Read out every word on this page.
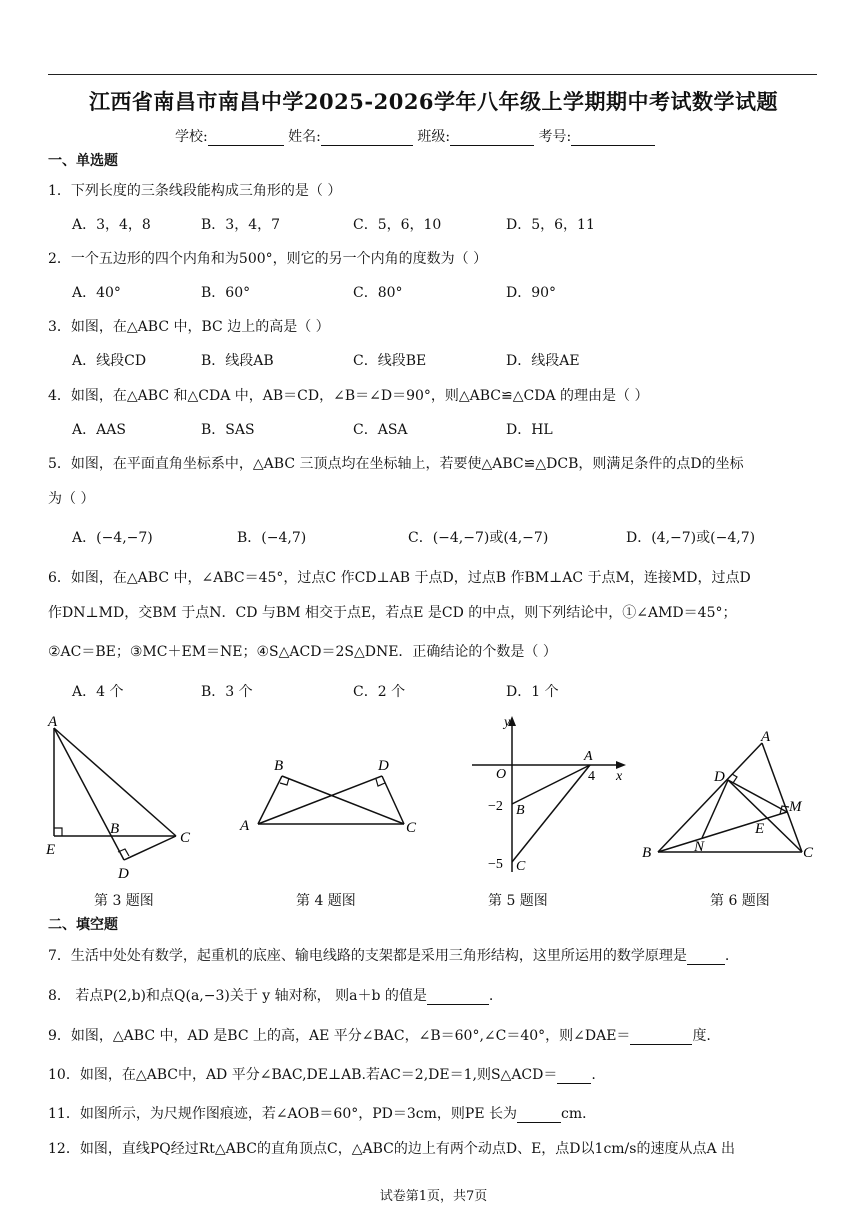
江西省南昌市南昌中学2025-2026学年八年级上学期期中考试数学试题
学校:	姓名:	班级:	考号:
一、单选题
1．下列长度的三条线段能构成三角形的是（ ）
A．3，4，8	B．3，4，7	C．5，6，10	D．5，6，11
2．一个五边形的四个内角和为500°，则它的另一个内角的度数为（ ）
A．40°	B．60°	C．80°	D．90°
3．如图，在△ABC 中，BC 边上的高是（ ）
A．线段CD	B．线段AB	C．线段BE	D．线段AE
4．如图，在△ABC 和△CDA 中，AB＝CD，∠B＝∠D＝90°，则△ABC≌△CDA 的理由是（ ）
A．AAS	B．SAS	C．ASA	D．HL
5．如图，在平面直角坐标系中，△ABC 三顶点均在坐标轴上，若要使△ABC≌△DCB，则满足条件的点D的坐标
为（ ）
A．(−4,−7)	B．(−4,7)	C．(−4,−7)或(4,−7)	D．(4,−7)或(−4,7)
6．如图，在△ABC 中，∠ABC＝45°，过点C 作CD⊥AB 于点D，过点B 作BM⊥AC 于点M，连接MD，过点D
作DN⊥MD，交BM 于点N．CD 与BM 相交于点E，若点E 是CD 的中点，则下列结论中，①∠AMD＝45°；
②AC＝BE；③MC＋EM＝NE；④S△ACD＝2S△DNE．正确结论的个数是（ ）
A．4 个	B．3 个	C．2 个	D．1 个
A
B
C
D
E
第 3 题图
A
B
C
D
第 4 题图
y
O
A
4 x
−2 B
−5 C
第 5 题图
A
D
M
E
B	N	C
第 6 题图
二、填空题
7．生活中处处有数学，起重机的底座、输电线路的支架都是采用三角形结构，这里所运用的数学原理是	.
8． 若点P(2,b)和点Q(a,−3)关于 y 轴对称， 则a＋b 的值是	.
9．如图，△ABC 中，AD 是BC 上的高，AE 平分∠BAC，∠B＝60°,∠C＝40°，则∠DAE＝	度.
10．如图，在△ABC中，AD 平分∠BAC,DE⊥AB.若AC＝2,DE＝1,则S△ACD＝ .
11．如图所示，为尺规作图痕迹，若∠AOB＝60°，PD＝3cm，则PE 长为	cm．
12．如图，直线PQ经过Rt△ABC的直角顶点C，△ABC的边上有两个动点D、E，点D以1cm/s的速度从点A 出
试卷第1页，共7页
